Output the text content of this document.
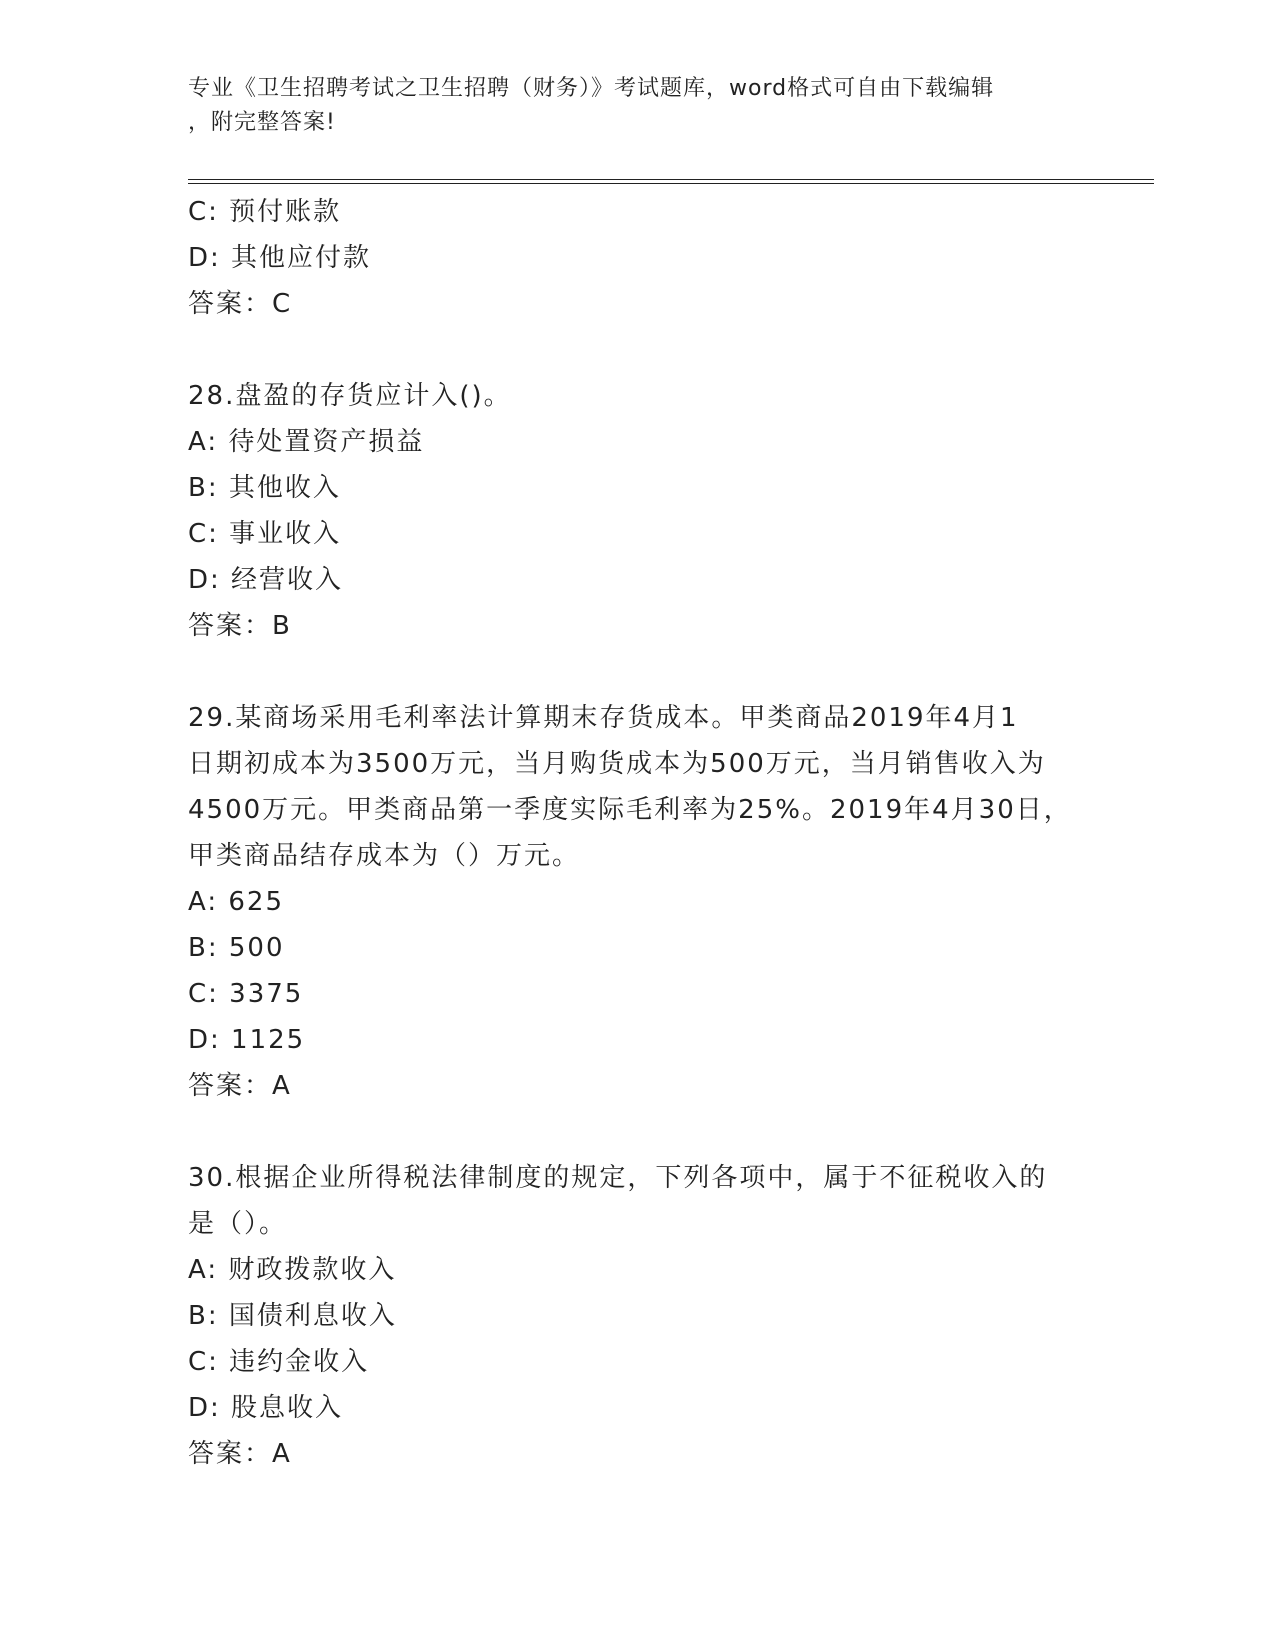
专业《卫生招聘考试之卫生招聘（财务）》考试题库，word格式可自由下载编辑
，附完整答案!
C: 预付账款
D: 其他应付款
答案：C
28.盘盈的存货应计入()。
A: 待处置资产损益
B: 其他收入
C: 事业收入
D: 经营收入
答案：B
29.某商场采用毛利率法计算期末存货成本。甲类商品2019年4月1
日期初成本为3500万元，当月购货成本为500万元，当月销售收入为
4500万元。甲类商品第一季度实际毛利率为25%。2019年4月30日，
甲类商品结存成本为（）万元。
A: 625
B: 500
C: 3375
D: 1125
答案：A
30.根据企业所得税法律制度的规定，下列各项中，属于不征税收入的
是（）。
A: 财政拨款收入
B: 国债利息收入
C: 违约金收入
D: 股息收入
答案：A
